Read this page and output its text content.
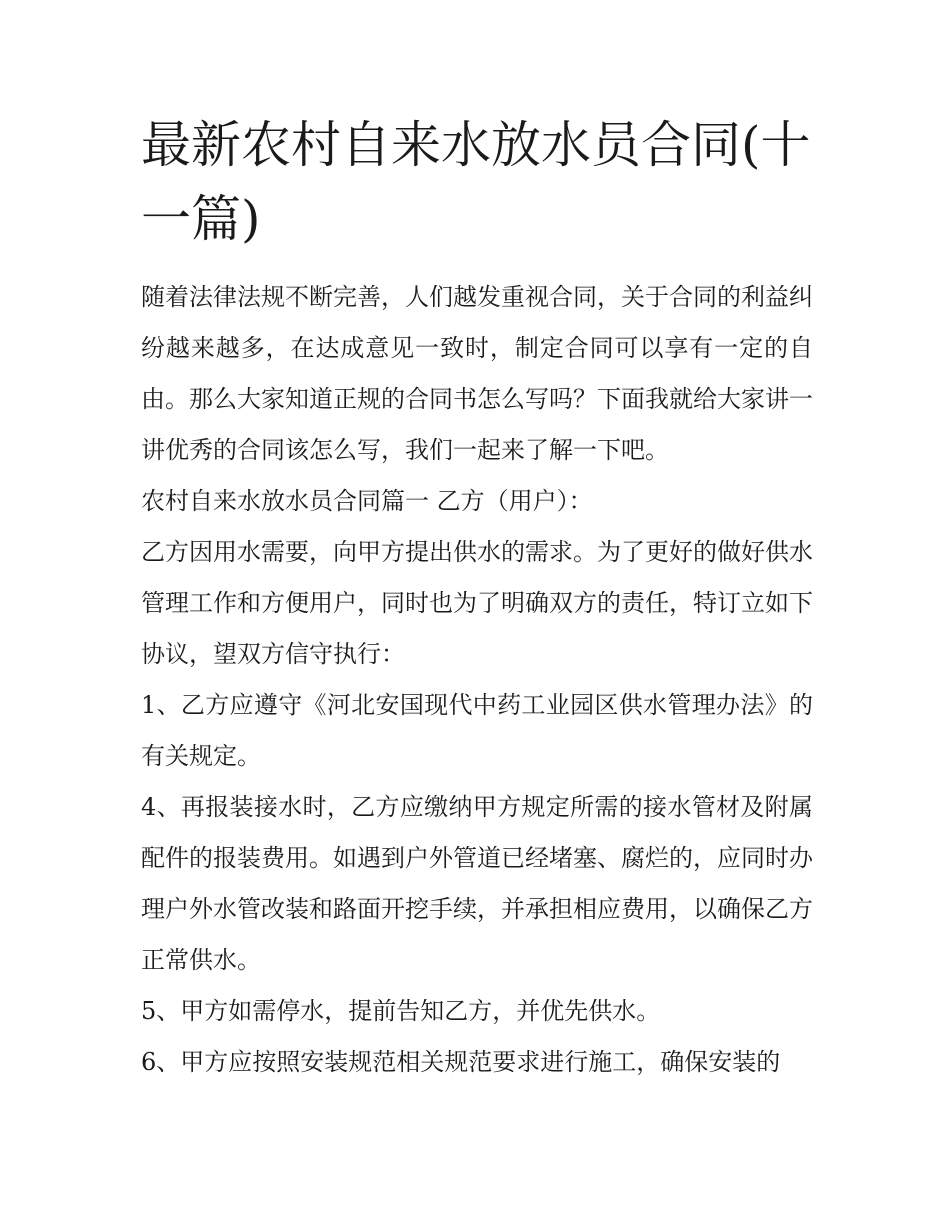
最新农村自来水放水员合同(十一篇)

随着法律法规不断完善，人们越发重视合同，关于合同的利益纠纷越来越多，在达成意见一致时，制定合同可以享有一定的自由。那么大家知道正规的合同书怎么写吗？下面我就给大家讲一讲优秀的合同该怎么写，我们一起来了解一下吧。

农村自来水放水员合同篇一 乙方（用户）：

乙方因用水需要，向甲方提出供水的需求。为了更好的做好供水管理工作和方便用户，同时也为了明确双方的责任，特订立如下协议，望双方信守执行：

1、乙方应遵守《河北安国现代中药工业园区供水管理办法》的有关规定。

4、再报装接水时，乙方应缴纳甲方规定所需的接水管材及附属配件的报装费用。如遇到户外管道已经堵塞、腐烂的，应同时办理户外水管改装和路面开挖手续，并承担相应费用，以确保乙方正常供水。

5、甲方如需停水，提前告知乙方，并优先供水。

6、甲方应按照安装规范相关规范要求进行施工，确保安装的
